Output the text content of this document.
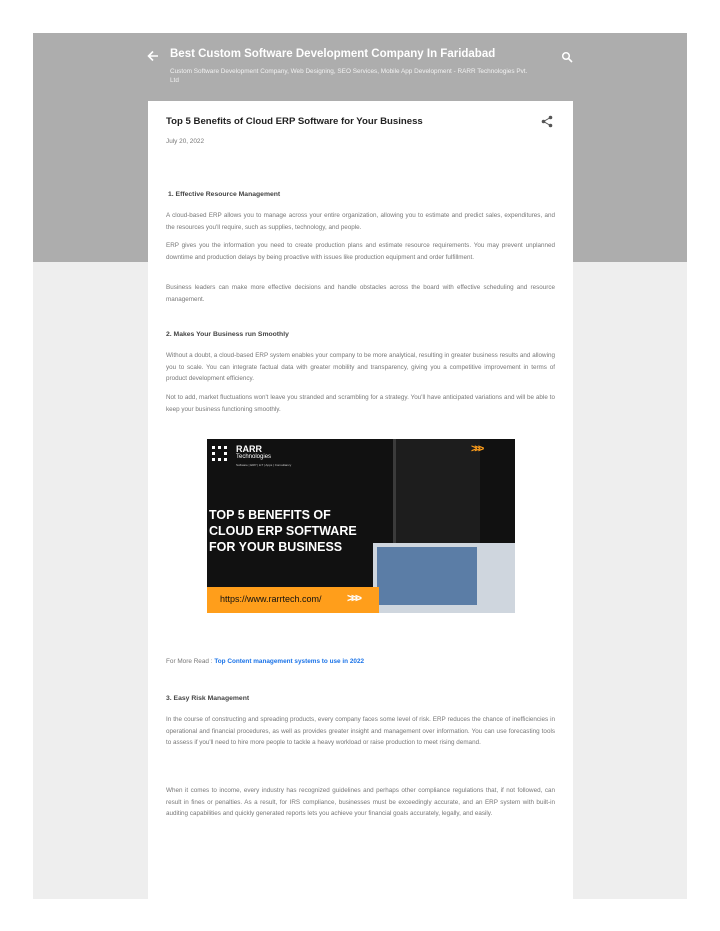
Best Custom Software Development Company In Faridabad
Custom Software Development Company, Web Designing, SEO Services, Mobile App Development - RARR Technologies Pvt. Ltd
Top 5 Benefits of Cloud ERP Software for Your Business
July 20, 2022
1. Effective Resource Management
A cloud-based ERP allows you to manage across your entire organization, allowing you to estimate and predict sales, expenditures, and the resources you'll require, such as supplies, technology, and people.
ERP gives you the information you need to create production plans and estimate resource requirements. You may prevent unplanned downtime and production delays by being proactive with issues like production equipment and order fulfillment.
Business leaders can make more effective decisions and handle obstacles across the board with effective scheduling and resource management.
2. Makes Your Business run Smoothly
Without a doubt, a cloud-based ERP system enables your company to be more analytical, resulting in greater business results and allowing you to scale. You can integrate factual data with greater mobility and transparency, giving you a competitive improvement in terms of product development efficiency.
Not to add, market fluctuations won't leave you stranded and scrambling for a strategy. You'll have anticipated variations and will be able to keep your business functioning smoothly.
RARR
Technologies
Software | ERP | IoT | Apps | Consultancy
>>>
TOP 5 BENEFITS OF CLOUD ERP SOFTWARE FOR YOUR BUSINESS
https://www.rarrtech.com/ >>>
For More Read : Top Content management systems to use in 2022
3. Easy Risk Management
In the course of constructing and spreading products, every company faces some level of risk. ERP reduces the chance of inefficiencies in operational and financial procedures, as well as provides greater insight and management over information. You can use forecasting tools to assess if you'll need to hire more people to tackle a heavy workload or raise production to meet rising demand.
When it comes to income, every industry has recognized guidelines and perhaps other compliance regulations that, if not followed, can result in fines or penalties. As a result, for IRS compliance, businesses must be exceedingly accurate, and an ERP system with built-in auditing capabilities and quickly generated reports lets you achieve your financial goals accurately, legally, and easily.
